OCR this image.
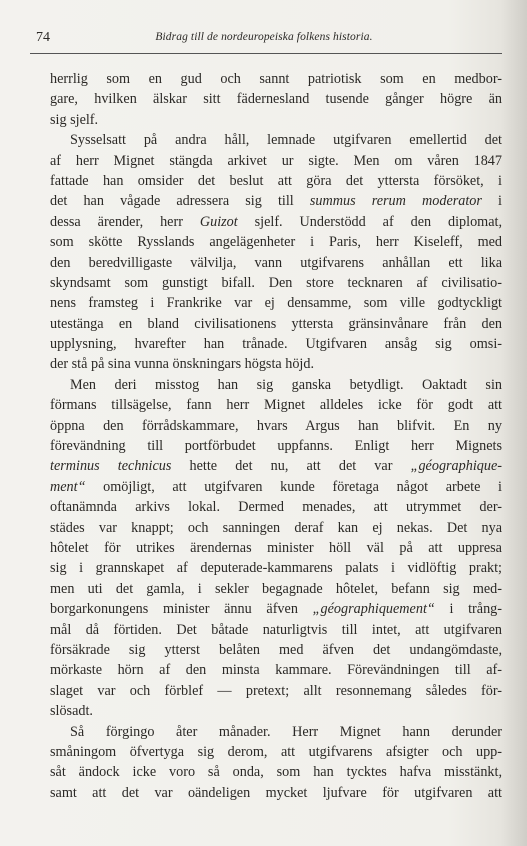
74	Bidrag till de nordeuropeiska folkens historia.
herrlig som en gud och sannt patriotisk som en medbor-
gare, hvilken älskar sitt fädernesland tusende gånger högre än
sig sjelf.
Sysselsatt på andra håll, lemnade utgifvaren emellertid det
af herr Mignet stängda arkivet ur sigte. Men om våren 1847
fattade han omsider det beslut att göra det yttersta försöket, i
det han vågade adressera sig till summus rerum moderator i
dessa ärender, herr Guizot sjelf. Understödd af den diplomat,
som skötte Rysslands angelägenheter i Paris, herr Kiseleff, med
den beredvilligaste välvilja, vann utgifvarens anhållan ett lika
skyndsamt som gunstigt bifall. Den store tecknaren af civilisatio-
nens framsteg i Frankrike var ej densamme, som ville godtyckligt
utestänga en bland civilisationens yttersta gränsinvånare från den
upplysning, hvarefter han trånade. Utgifvaren ansåg sig omsi-
der stå på sina vunna önskningars högsta höjd.
Men deri misstog han sig ganska betydligt. Oaktadt sin
förmans tillsägelse, fann herr Mignet alldeles icke för godt att
öppna den förrådskammare, hvars Argus han blifvit. En ny
förevändning till portförbudet uppfanns. Enligt herr Mignets
terminus technicus hette det nu, att det var „géographique-
ment“ omöjligt, att utgifvaren kunde företaga något arbete i
oftanämnda arkivs lokal. Dermed menades, att utrymmet der-
städes var knappt; och sanningen deraf kan ej nekas. Det nya
hôtelet för utrikes ärendernas minister höll väl på att uppresa
sig i grannskapet af deputerade-kammarens palats i vidlöftig prakt;
men uti det gamla, i sekler begagnade hôtelet, befann sig med-
borgarkonungens minister ännu äfven „géographiquement“ i trång-
mål då förtiden. Det båtade naturligtvis till intet, att utgifvaren
försäkrade sig ytterst belåten med äfven det undangömdaste,
mörkaste hörn af den minsta kammare. Förevändningen till af-
slaget var och förblef — pretext; allt resonnemang således för-
slösadt.
Så förgingo åter månader. Herr Mignet hann derunder
småningom öfvertyga sig derom, att utgifvarens afsigter och upp-
såt ändock icke voro så onda, som han tycktes hafva misstänkt,
samt att det var oändeligen mycket ljufvare för utgifvaren att
